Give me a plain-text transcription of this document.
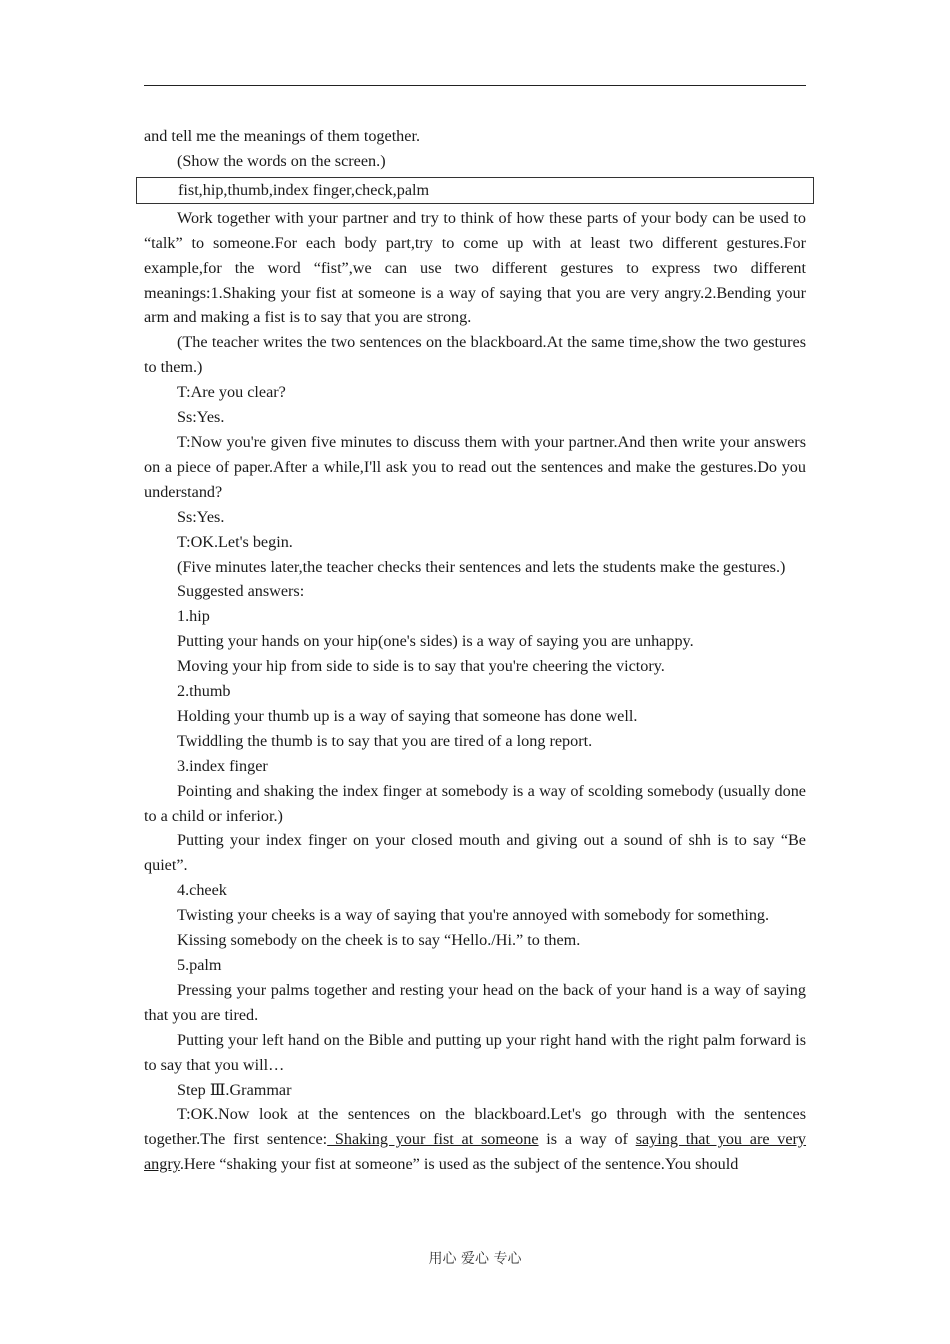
and tell me the meanings of them together.

(Show the words on the screen.)

fist,hip,thumb,index finger,check,palm

Work together with your partner and try to think of how these parts of your body can be used to “talk” to someone.For each body part,try to come up with at least two different gestures.For example,for the word “fist”,we can use two different gestures to express two different meanings:1.Shaking your fist at someone is a way of saying that you are very angry.2.Bending your arm and making a fist is to say that you are strong.

(The teacher writes the two sentences on the blackboard.At the same time,show the two gestures to them.)

T:Are you clear?

Ss:Yes.

T:Now you're given five minutes to discuss them with your partner.And then write your answers on a piece of paper.After a while,I'll ask you to read out the sentences and make the gestures.Do you understand?

Ss:Yes.

T:OK.Let's begin.

(Five minutes later,the teacher checks their sentences and lets the students make the gestures.)

Suggested answers:

1.hip

Putting your hands on your hip(one's sides) is a way of saying you are unhappy.

Moving your hip from side to side is to say that you're cheering the victory.

2.thumb

Holding your thumb up is a way of saying that someone has done well.

Twiddling the thumb is to say that you are tired of a long report.

3.index finger

Pointing and shaking the index finger at somebody is a way of scolding somebody (usually done to a child or inferior.)

Putting your index finger on your closed mouth and giving out a sound of shh is to say “Be quiet”.

4.cheek

Twisting your cheeks is a way of saying that you're annoyed with somebody for something.

Kissing somebody on the cheek is to say “Hello./Hi.” to them.

5.palm

Pressing your palms together and resting your head on the back of your hand is a way of saying that you are tired.

Putting your left hand on the Bible and putting up your right hand with the right palm forward is to say that you will…

Step Ⅲ.Grammar

T:OK.Now look at the sentences on the blackboard.Let's go through with the sentences together.The first sentence: Shaking your fist at someone is a way of saying that you are very angry.Here “shaking your fist at someone” is used as the subject of the sentence.You should

用心 爱心 专心
